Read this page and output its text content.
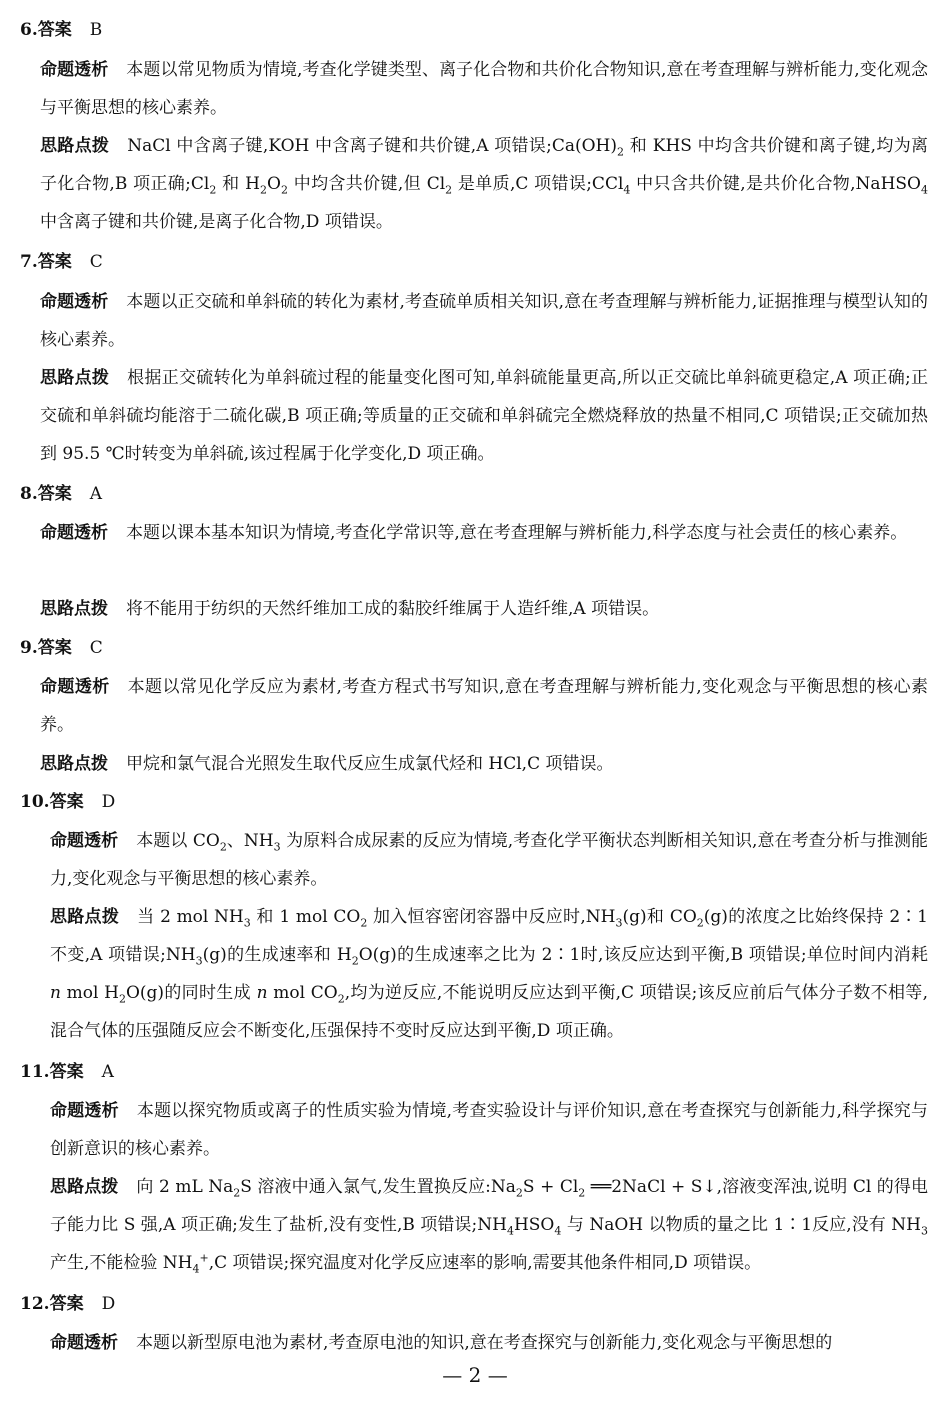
6.答案 B
命题透析 本题以常见物质为情境,考查化学键类型、离子化合物和共价化合物知识,意在考查理解与辨析能力,变化观念与平衡思想的核心素养。
思路点拨 NaCl 中含离子键,KOH 中含离子键和共价键,A 项错误$;Ca(OH)_2$ 和 KHS 中均含共价键和离子键,均为离子化合物,B 项正确$;Cl_2$ 和 $H_2O_2$ 中均含共价键,但 $Cl_2$ 是单质,C 项错误;CCl$_4$ 中只含共价键,是共价化合物,NaHSO$_4$ 中含离子键和共价键,是离子化合物,D 项错误。
7.答案 C
命题透析 本题以正交硫和单斜硫的转化为素材,考查硫单质相关知识,意在考查理解与辨析能力,证据推理与模型认知的核心素养。
思路点拨 根据正交硫转化为单斜硫过程的能量变化图可知,单斜硫能量更高,所以正交硫比单斜硫更稳定,A 项正确;正交硫和单斜硫均能溶于二硫化碳,B 项正确;等质量的正交硫和单斜硫完全燃烧释放的热量不相同,C 项错误;正交硫加热到 95.5 ℃时转变为单斜硫,该过程属于化学变化,D 项正确。
8.答案 A
命题透析 本题以课本基本知识为情境,考查化学常识等,意在考查理解与辨析能力,科学态度与社会责任的核心素养。
思路点拨 将不能用于纺织的天然纤维加工成的黏胶纤维属于人造纤维,A 项错误。
9.答案 C
命题透析 本题以常见化学反应为素材,考查方程式书写知识,意在考查理解与辨析能力,变化观念与平衡思想的核心素养。
思路点拨 甲烷和氯气混合光照发生取代反应生成氯代烃和 HCl,C 项错误。
10.答案 D
命题透析 本题以 $CO_2$、$NH_3$ 为原料合成尿素的反应为情境,考查化学平衡状态判断相关知识,意在考查分析与推测能力,变化观念与平衡思想的核心素养。
思路点拨 当 2 mol $NH_3$ 和 1 mol $CO_2$ 加入恒容密闭容器中反应时$,NH_3(g)$和 $CO_2(g)$的浓度之比始终保持 2∶1 不变,A 项错误$;NH_3(g)$的生成速率和 $H_2O(g)$的生成速率之比为 2∶1时,该反应达到平衡,B 项错误;单位时间内消耗 n mol $H_2O(g)$的同时生成 n mol $CO_2$,均为逆反应,不能说明反应达到平衡,C 项错误;该反应前后气体分子数不相等,混合气体的压强随反应会不断变化,压强保持不变时反应达到平衡,D 项正确。
11.答案 A
命题透析 本题以探究物质或离子的性质实验为情境,考查实验设计与评价知识,意在考查探究与创新能力,科学探究与创新意识的核心素养。
思路点拨 向 2 mL $Na_2S$ 溶液中通入氯气,发生置换反应$:Na_2S + Cl_2$ ══2NaCl + S↓,溶液变浑浊,说明 Cl 的得电子能力比 S 强,A 项正确;发生了盐析,没有变性,B 项错误$;NH_4HSO_4$ 与 NaOH 以物质的量之比 1∶1反应,没有 $NH_3$ 产生,不能检验 $NH_4^+,C$ 项错误;探究温度对化学反应速率的影响,需要其他条件相同,D 项错误。
12.答案 D
命题透析 本题以新型原电池为素材,考查原电池的知识,意在考查探究与创新能力,变化观念与平衡思想的
— 2 —
